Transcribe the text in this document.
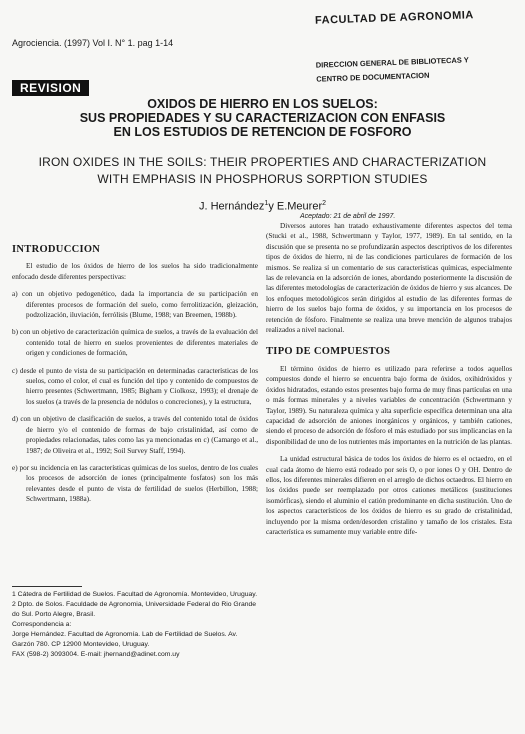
FACULTAD DE AGRONOMIA
Agrociencia. (1997) Vol I. N° 1. pag 1-14
DIRECCION GENERAL DE BIBLIOTECAS Y
CENTRO DE DOCUMENTACION
REVISION
OXIDOS DE HIERRO EN LOS SUELOS:
SUS PROPIEDADES Y SU CARACTERIZACION CON ENFASIS
EN LOS ESTUDIOS DE RETENCION DE FOSFORO
IRON OXIDES IN THE SOILS: THEIR PROPERTIES AND CHARACTERIZATION
WITH EMPHASIS IN PHOSPHORUS SORPTION STUDIES
J. Hernández$^1$y E.Meurer$^2$
Aceptado: 21 de abril de 1997.
INTRODUCCION

El estudio de los óxidos de hierro de los suelos ha sido tradicionalmente enfocado desde diferentes perspectivas:

a) con un objetivo pedogenético, dada la importancia de su participación en diferentes procesos de formación del suelo, como ferrolitización, gleización, podzolización, iluviación, ferrólisis (Blume, 1988; van Breemen, 1988b).

b) con un objetivo de caracterización química de suelos, a través de la evaluación del contenido total de hierro en suelos provenientes de diferentes materiales de origen y condiciones de formación,

c) desde el punto de vista de su participación en determinadas características de los suelos, como el color, el cual es función del tipo y contenido de compuestos de hierro presentes (Schwertmann, 1985; Bigham y Ciolkosz, 1993); el drenaje de los suelos (a través de la presencia de nódulos o concreciones), y la estructura,

d) con un objetivo de clasificación de suelos, a través del contenido total de óxidos de hierro y/o el contenido de formas de bajo cristalinidad, así como de propiedades relacionadas, tales como las ya mencionadas en c) (Camargo et al., 1987; de Oliveira et al., 1992; Soil Survey Staff, 1994).

e) por su incidencia en las características químicas de los suelos, dentro de los cuales los procesos de adsorción de iones (principalmente fosfatos) son los más relevantes desde el punto de vista de fertilidad de suelos (Herbillon, 1988; Schwertmann, 1988a).

1 Cátedra de Fertilidad de Suelos. Facultad de Agronomía. Montevideo, Uruguay.
2 Dpto. de Solos. Faculdade de Agronomia, Universidade Federal do Rio Grande do Sul. Porto Alegre, Brasil.
Correspondencia a:
Jorge Hernández. Facultad de Agronomía. Lab de Fertilidad de Suelos. Av. Garzón 780. CP 12900 Montevideo, Uruguay.
FAX (598-2) 3093004. E-mail: jhernand@adinet.com.uy

Diversos autores han tratado exhaustivamente diferentes aspectos del tema (Stucki et al., 1988, Schwertmann y Taylor, 1977, 1989). En tal sentido, en la discusión que se presenta no se profundizarán aspectos descriptivos de los diferentes tipos de óxidos de hierro, ni de las condiciones particulares de formación de los mismos. Se realiza sí un comentario de sus características químicas, especialmente las de relevancia en la adsorción de iones, abordando posteriormente la discusión de las diferentes metodologías de caracterización de óxidos de hierro y sus alcances. De los enfoques metodológicos serán dirigidos al estudio de las diferentes formas de hierro de los suelos bajo forma de óxidos, y su importancia en los procesos de retención de fósforo. Finalmente se realiza una breve mención de algunos trabajos realizados a nivel nacional.

TIPO DE COMPUESTOS

El término óxidos de hierro es utilizado para referirse a todos aquellos compuestos donde el hierro se encuentra bajo forma de óxidos, oxihidróxidos y óxidos hidratados, estando estos presentes bajo forma de muy finas partículas en una o más formas minerales y a niveles variables de concentración (Schwertmann y Taylor, 1989). Su naturaleza química y alta superficie específica determinan una alta capacidad de adsorción de aniones inorgánicos y orgánicos, y también cationes, siendo el proceso de adsorción de fósforo el más estudiado por sus implicancias en la disponibilidad de uno de los nutrientes más importantes en la nutrición de las plantas.

La unidad estructural básica de todos los óxidos de hierro es el octaedro, en el cual cada átomo de hierro está rodeado por seis O, o por iones O y OH. Dentro de ellos, los diferentes minerales difieren en el arreglo de dichos octaedros. El hierro en los óxidos puede ser reemplazado por otros cationes metálicos (sustituciones isomórficas), siendo el aluminio el catión predominante en dicha sustitución. Uno de los aspectos característicos de los óxidos de hierro es su grado de cristalinidad, incluyendo por la misma orden/desorden cristalino y tamaño de los cristales. Esta característica es sumamente muy variable entre dife-
